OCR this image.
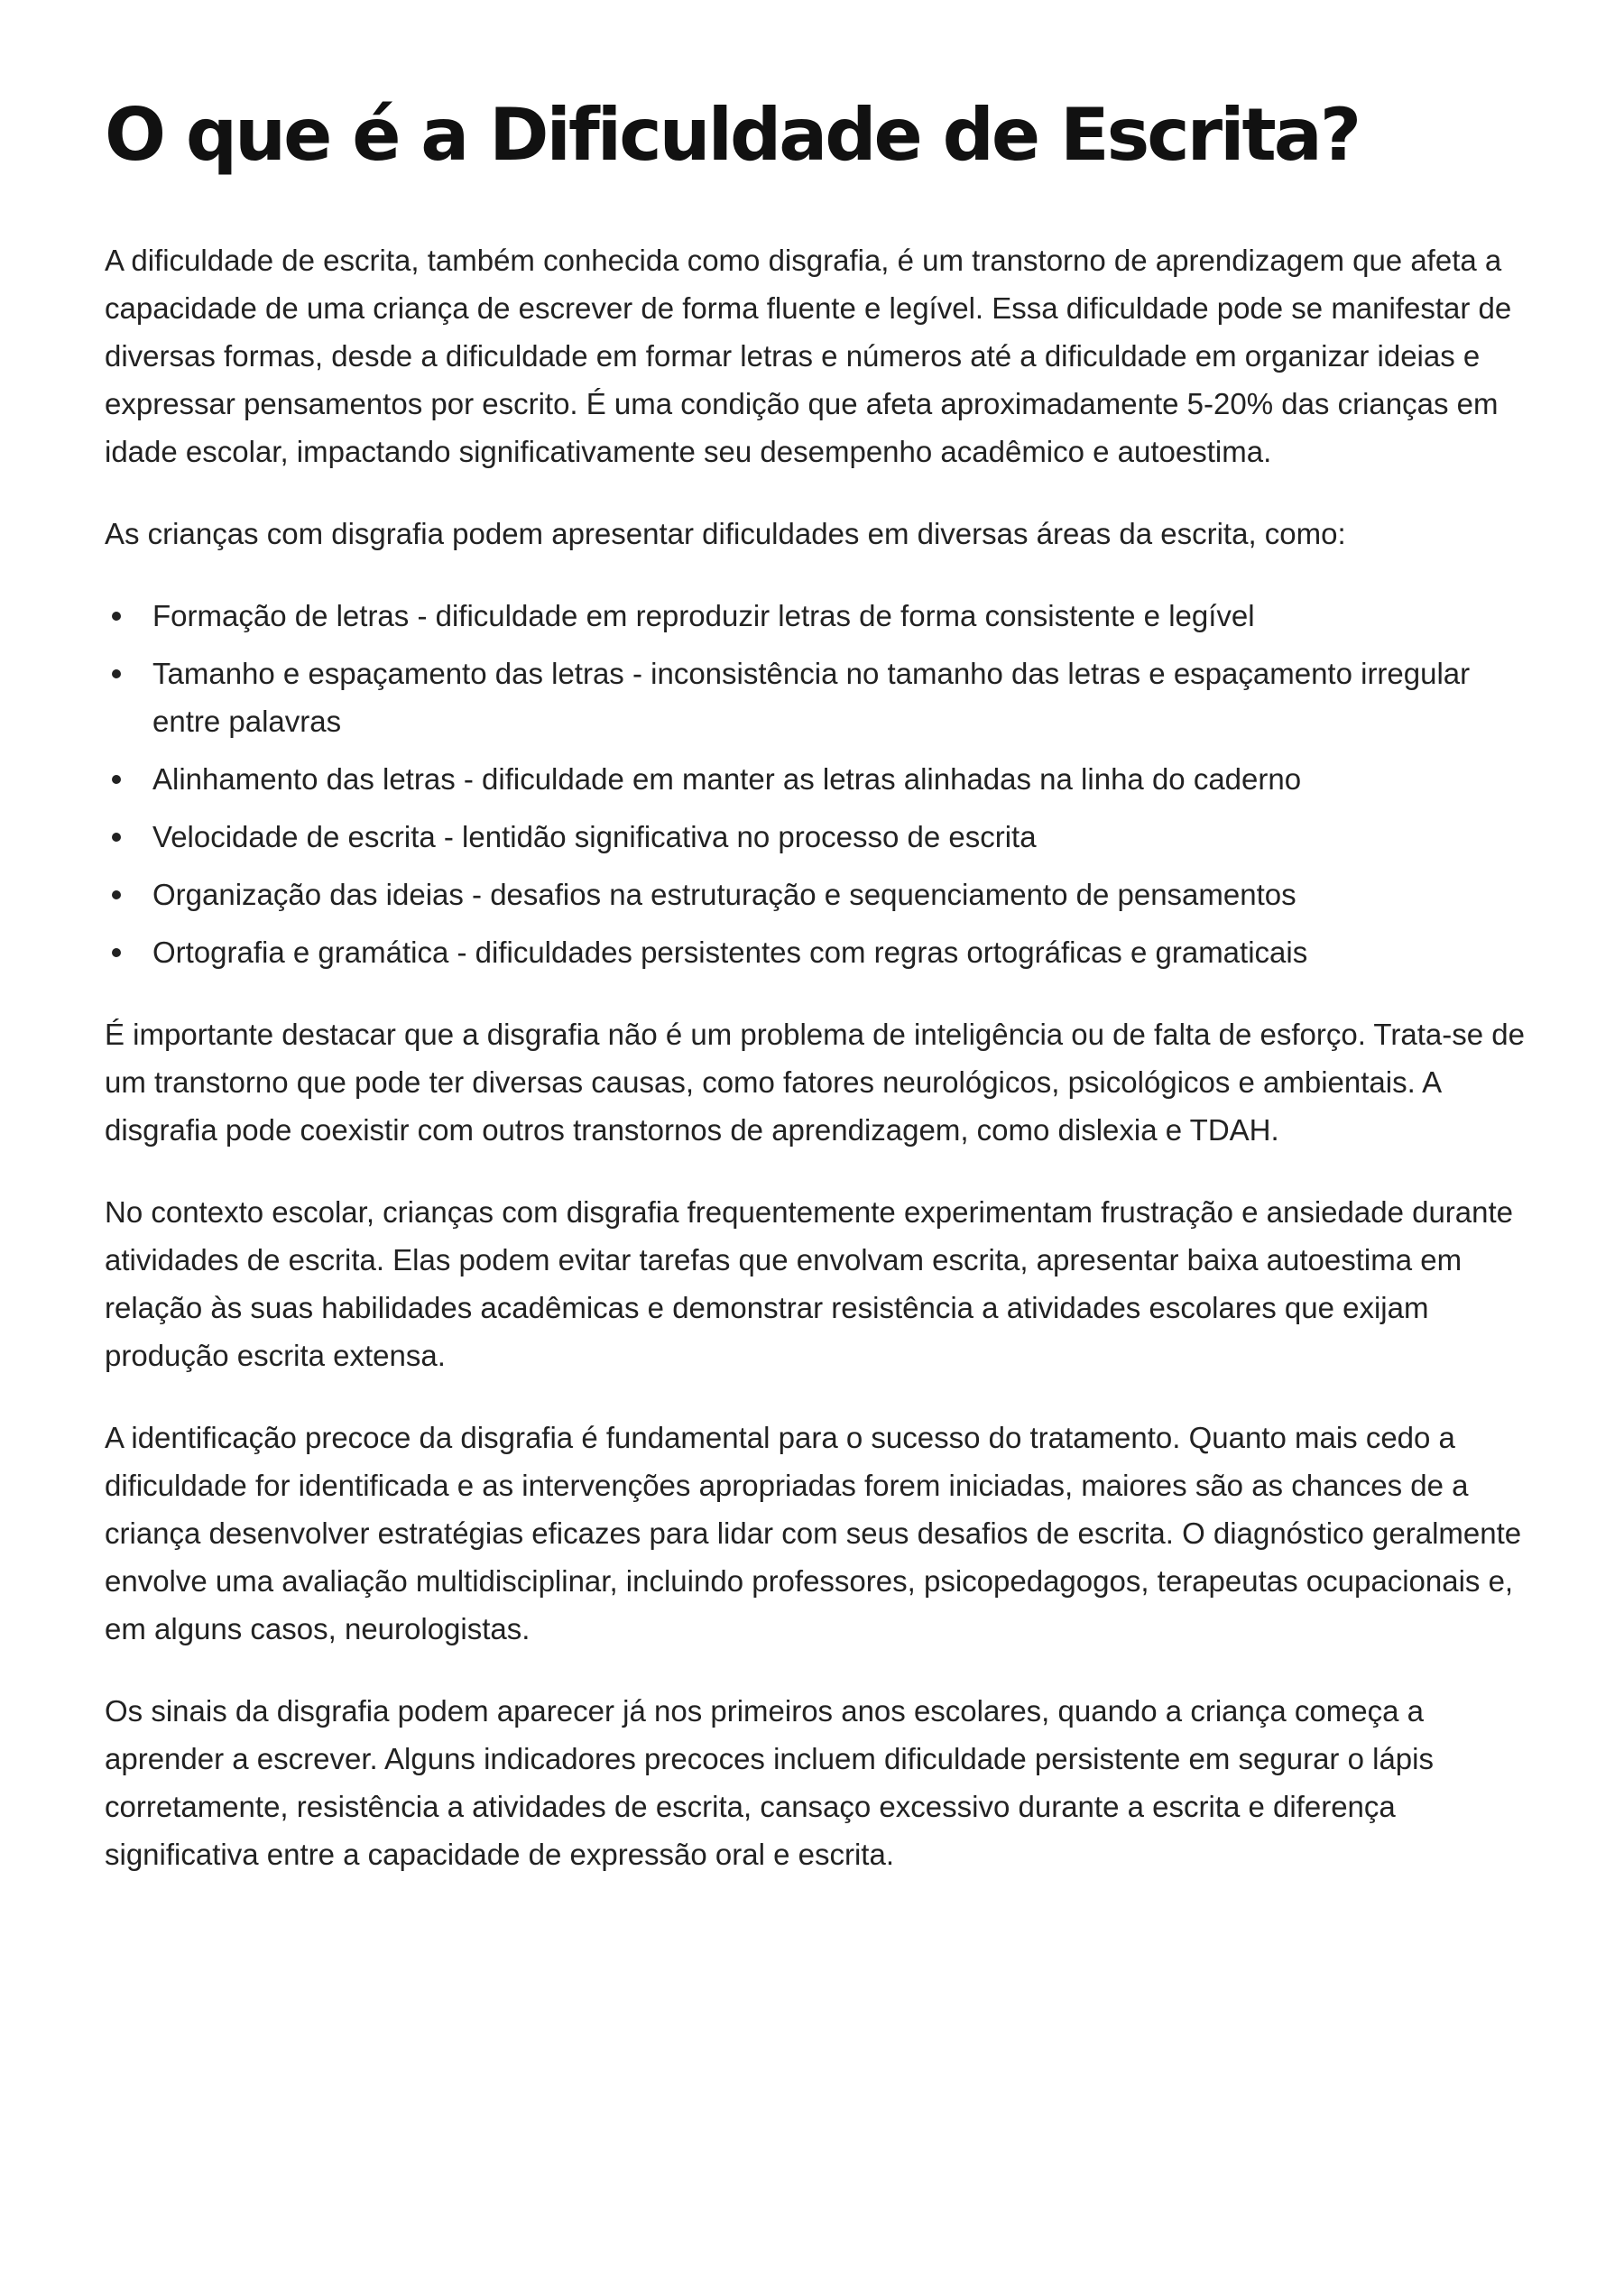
O que é a Dificuldade de Escrita?

A dificuldade de escrita, também conhecida como disgrafia, é um transtorno de aprendizagem que afeta a capacidade de uma criança de escrever de forma fluente e legível. Essa dificuldade pode se manifestar de diversas formas, desde a dificuldade em formar letras e números até a dificuldade em organizar ideias e expressar pensamentos por escrito. É uma condição que afeta aproximadamente 5-20% das crianças em idade escolar, impactando significativamente seu desempenho acadêmico e autoestima.

As crianças com disgrafia podem apresentar dificuldades em diversas áreas da escrita, como:

Formação de letras - dificuldade em reproduzir letras de forma consistente e legível
Tamanho e espaçamento das letras - inconsistência no tamanho das letras e espaçamento irregular entre palavras
Alinhamento das letras - dificuldade em manter as letras alinhadas na linha do caderno
Velocidade de escrita - lentidão significativa no processo de escrita
Organização das ideias - desafios na estruturação e sequenciamento de pensamentos
Ortografia e gramática - dificuldades persistentes com regras ortográficas e gramaticais

É importante destacar que a disgrafia não é um problema de inteligência ou de falta de esforço. Trata-se de um transtorno que pode ter diversas causas, como fatores neurológicos, psicológicos e ambientais. A disgrafia pode coexistir com outros transtornos de aprendizagem, como dislexia e TDAH.

No contexto escolar, crianças com disgrafia frequentemente experimentam frustração e ansiedade durante atividades de escrita. Elas podem evitar tarefas que envolvam escrita, apresentar baixa autoestima em relação às suas habilidades acadêmicas e demonstrar resistência a atividades escolares que exijam produção escrita extensa.

A identificação precoce da disgrafia é fundamental para o sucesso do tratamento. Quanto mais cedo a dificuldade for identificada e as intervenções apropriadas forem iniciadas, maiores são as chances de a criança desenvolver estratégias eficazes para lidar com seus desafios de escrita. O diagnóstico geralmente envolve uma avaliação multidisciplinar, incluindo professores, psicopedagogos, terapeutas ocupacionais e, em alguns casos, neurologistas.

Os sinais da disgrafia podem aparecer já nos primeiros anos escolares, quando a criança começa a aprender a escrever. Alguns indicadores precoces incluem dificuldade persistente em segurar o lápis corretamente, resistência a atividades de escrita, cansaço excessivo durante a escrita e diferença significativa entre a capacidade de expressão oral e escrita.
